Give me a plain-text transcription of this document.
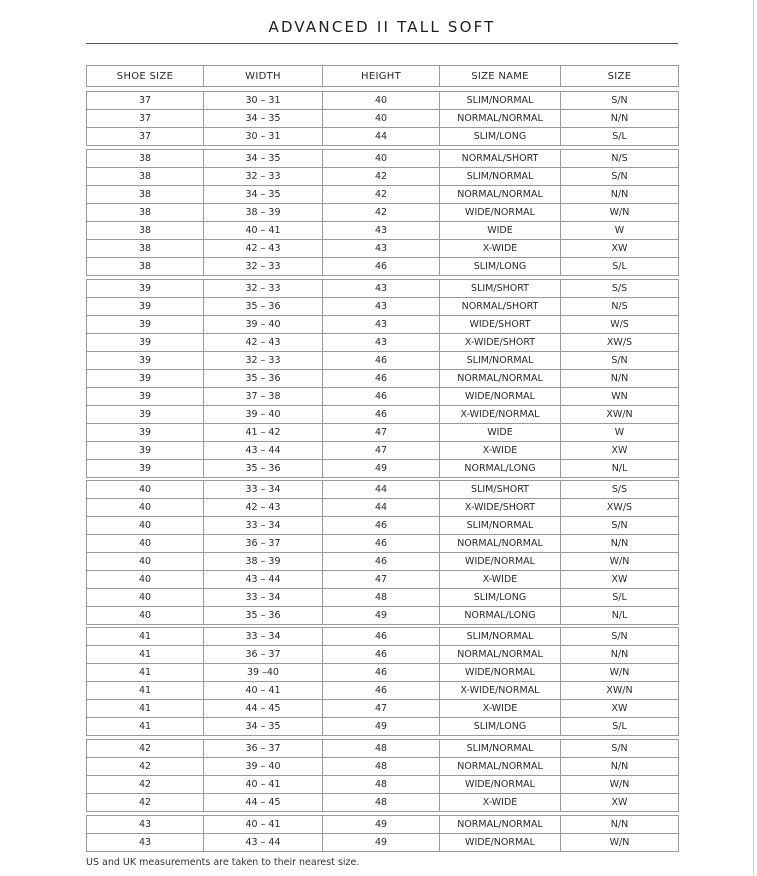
ADVANCED II TALL SOFT
SHOE SIZE	WIDTH	HEIGHT	SIZE NAME	SIZE
37	30 – 31	40	SLIM/NORMAL	S/N
37	34 – 35	40	NORMAL/NORMAL	N/N
37	30 – 31	44	SLIM/LONG	S/L
38	34 – 35	40	NORMAL/SHORT	N/S
38	32 – 33	42	SLIM/NORMAL	S/N
38	34 – 35	42	NORMAL/NORMAL	N/N
38	38 – 39	42	WIDE/NORMAL	W/N
38	40 – 41	43	WIDE	W
38	42 – 43	43	X-WIDE	XW
38	32 – 33	46	SLIM/LONG	S/L
39	32 – 33	43	SLIM/SHORT	S/S
39	35 – 36	43	NORMAL/SHORT	N/S
39	39 – 40	43	WIDE/SHORT	W/S
39	42 – 43	43	X-WIDE/SHORT	XW/S
39	32 – 33	46	SLIM/NORMAL	S/N
39	35 – 36	46	NORMAL/NORMAL	N/N
39	37 – 38	46	WIDE/NORMAL	WN
39	39 – 40	46	X-WIDE/NORMAL	XW/N
39	41 – 42	47	WIDE	W
39	43 – 44	47	X-WIDE	XW
39	35 – 36	49	NORMAL/LONG	N/L
40	33 – 34	44	SLIM/SHORT	S/S
40	42 – 43	44	X-WIDE/SHORT	XW/S
40	33 – 34	46	SLIM/NORMAL	S/N
40	36 – 37	46	NORMAL/NORMAL	N/N
40	38 – 39	46	WIDE/NORMAL	W/N
40	43 – 44	47	X-WIDE	XW
40	33 – 34	48	SLIM/LONG	S/L
40	35 – 36	49	NORMAL/LONG	N/L
41	33 – 34	46	SLIM/NORMAL	S/N
41	36 – 37	46	NORMAL/NORMAL	N/N
41	39 –40	46	WIDE/NORMAL	W/N
41	40 – 41	46	X-WIDE/NORMAL	XW/N
41	44 – 45	47	X-WIDE	XW
41	34 – 35	49	SLIM/LONG	S/L
42	36 – 37	48	SLIM/NORMAL	S/N
42	39 – 40	48	NORMAL/NORMAL	N/N
42	40 – 41	48	WIDE/NORMAL	W/N
42	44 – 45	48	X-WIDE	XW
43	40 – 41	49	NORMAL/NORMAL	N/N
43	43 – 44	49	WIDE/NORMAL	W/N
US and UK measurements are taken to their nearest size.
